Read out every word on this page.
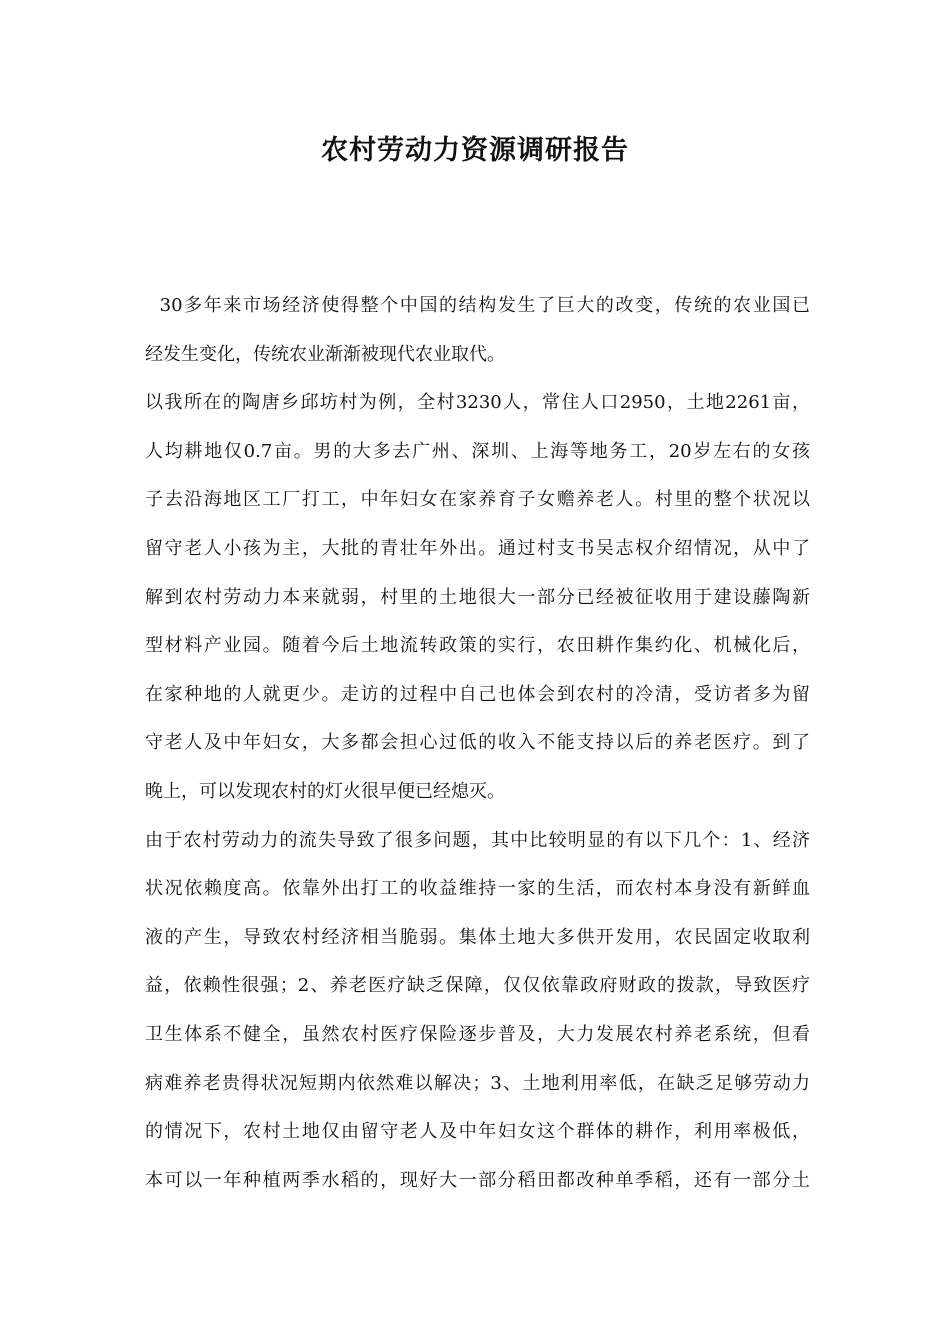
农村劳动力资源调研报告
30多年来市场经济使得整个中国的结构发生了巨大的改变，传统的农业国已
经发生变化，传统农业渐渐被现代农业取代。
以我所在的陶唐乡邱坊村为例，全村3230人，常住人口2950，土地2261亩，
人均耕地仅0.7亩。男的大多去广州、深圳、上海等地务工，20岁左右的女孩
子去沿海地区工厂打工，中年妇女在家养育子女赡养老人。村里的整个状况以
留守老人小孩为主，大批的青壮年外出。通过村支书吴志权介绍情况，从中了
解到农村劳动力本来就弱，村里的土地很大一部分已经被征收用于建设藤陶新
型材料产业园。随着今后土地流转政策的实行，农田耕作集约化、机械化后，
在家种地的人就更少。走访的过程中自己也体会到农村的冷清，受访者多为留
守老人及中年妇女，大多都会担心过低的收入不能支持以后的养老医疗。到了
晚上，可以发现农村的灯火很早便已经熄灭。
由于农村劳动力的流失导致了很多问题，其中比较明显的有以下几个：1、经济
状况依赖度高。依靠外出打工的收益维持一家的生活，而农村本身没有新鲜血
液的产生，导致农村经济相当脆弱。集体土地大多供开发用，农民固定收取利
益，依赖性很强；2、养老医疗缺乏保障，仅仅依靠政府财政的拨款，导致医疗
卫生体系不健全，虽然农村医疗保险逐步普及，大力发展农村养老系统，但看
病难养老贵得状况短期内依然难以解决；3、土地利用率低，在缺乏足够劳动力
的情况下，农村土地仅由留守老人及中年妇女这个群体的耕作，利用率极低，
本可以一年种植两季水稻的，现好大一部分稻田都改种单季稻，还有一部分土
